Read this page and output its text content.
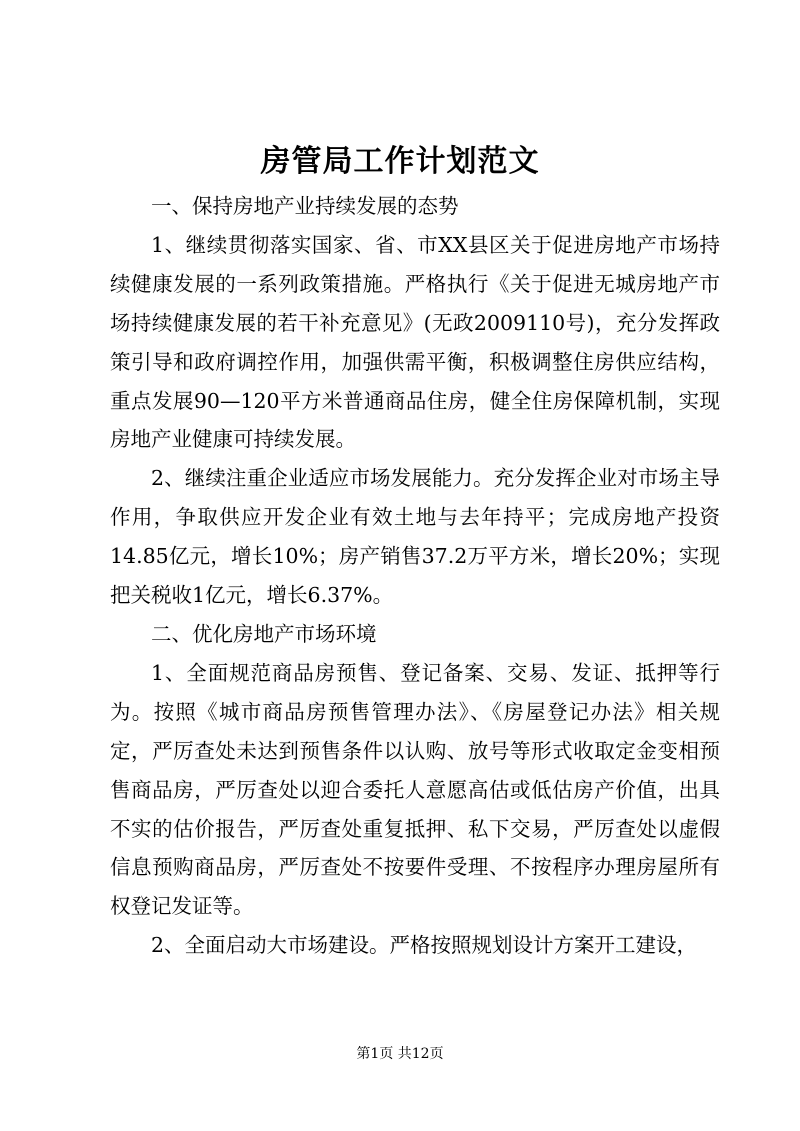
房管局工作计划范文

一、保持房地产业持续发展的态势

1、继续贯彻落实国家、省、市XX县区关于促进房地产市场持续健康发展的一系列政策措施。严格执行《关于促进无城房地产市场持续健康发展的若干补充意见》(无政2009110号)，充分发挥政策引导和政府调控作用，加强供需平衡，积极调整住房供应结构，重点发展90—120平方米普通商品住房，健全住房保障机制，实现房地产业健康可持续发展。

2、继续注重企业适应市场发展能力。充分发挥企业对市场主导作用，争取供应开发企业有效土地与去年持平；完成房地产投资14.85亿元，增长10%；房产销售37.2万平方米，增长20%；实现把关税收1亿元，增长6.37%。

二、优化房地产市场环境

1、全面规范商品房预售、登记备案、交易、发证、抵押等行为。按照《城市商品房预售管理办法》、《房屋登记办法》相关规定，严厉查处未达到预售条件以认购、放号等形式收取定金变相预售商品房，严厉查处以迎合委托人意愿高估或低估房产价值，出具不实的估价报告，严厉查处重复抵押、私下交易，严厉查处以虚假信息预购商品房，严厉查处不按要件受理、不按程序办理房屋所有权登记发证等。

2、全面启动大市场建设。严格按照规划设计方案开工建设，

第1页 共12页
